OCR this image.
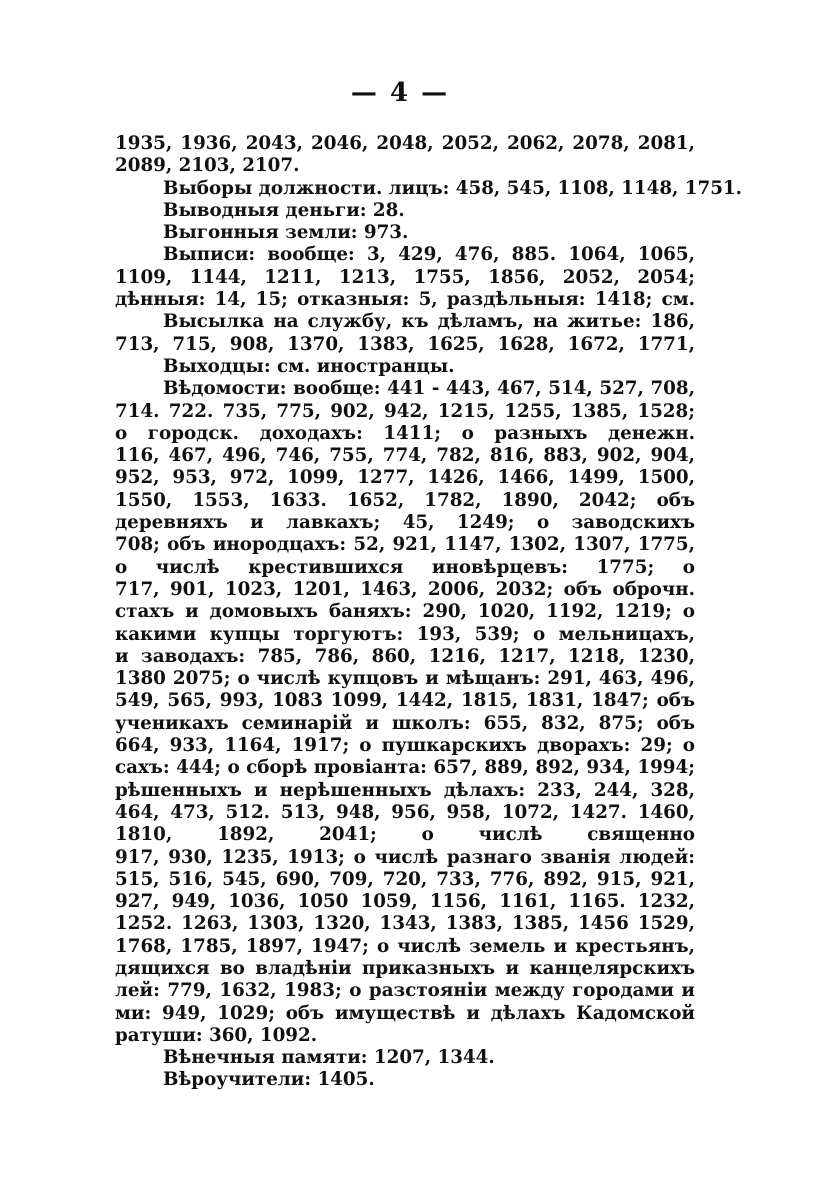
— 4 —
1935, 1936, 2043, 2046, 2048, 2052, 2062, 2078, 2081,
2089, 2103, 2107.
Выборы должности. лицъ: 458, 545, 1108, 1148, 1751.
Выводныя деньги: 28.
Выгонныя земли: 973.
Выписи: вообще: 3, 429, 476, 885. 1064, 1065,
1109, 1144, 1211, 1213, 1755, 1856, 2052, 2054;
дѣнныя: 14, 15; отказныя: 5, раздѣльныя: 1418; см.
Высылка на службу, къ дѣламъ, на житье: 186,
713, 715, 908, 1370, 1383, 1625, 1628, 1672, 1771,
Выходцы: см. иностранцы.
Вѣдомости: вообще: 441 - 443, 467, 514, 527, 708,
714. 722. 735, 775, 902, 942, 1215, 1255, 1385, 1528;
о городск. доходахъ: 1411; о разныхъ денежн.
116, 467, 496, 746, 755, 774, 782, 816, 883, 902, 904,
952, 953, 972, 1099, 1277, 1426, 1466, 1499, 1500,
1550, 1553, 1633. 1652, 1782, 1890, 2042; объ
деревняхъ и лавкахъ; 45, 1249; о заводскихъ
708; объ инородцахъ: 52, 921, 1147, 1302, 1307, 1775,
о числѣ крестившихся иновѣрцевъ: 1775; о
717, 901, 1023, 1201, 1463, 2006, 2032; объ оброчн.
стахъ и домовыхъ баняхъ: 290, 1020, 1192, 1219; о
какими купцы торгуютъ: 193, 539; о мельницахъ,
и заводахъ: 785, 786, 860, 1216, 1217, 1218, 1230,
1380 2075; о числѣ купцовъ и мѣщанъ: 291, 463, 496,
549, 565, 993, 1083 1099, 1442, 1815, 1831, 1847; объ
ученикахъ семинарій и школъ: 655, 832, 875; объ
664, 933, 1164, 1917; о пушкарскихъ дворахъ: 29; о
сахъ: 444; о сборѣ провіанта: 657, 889, 892, 934, 1994;
рѣшенныхъ и нерѣшенныхъ дѣлахъ: 233, 244, 328,
464, 473, 512. 513, 948, 956, 958, 1072, 1427. 1460,
1810, 1892, 2041; о числѣ священно
917, 930, 1235, 1913; о числѣ разнаго званія людей:
515, 516, 545, 690, 709, 720, 733, 776, 892, 915, 921,
927, 949, 1036, 1050 1059, 1156, 1161, 1165. 1232,
1252. 1263, 1303, 1320, 1343, 1383, 1385, 1456 1529,
1768, 1785, 1897, 1947; о числѣ земель и крестьянъ,
дящихся во владѣніи приказныхъ и канцелярскихъ
лей: 779, 1632, 1983; о разстояніи между городами и
ми: 949, 1029; объ имуществѣ и дѣлахъ Кадомской
ратуши: 360, 1092.
Вѣнечныя памяти: 1207, 1344.
Вѣроучители: 1405.
